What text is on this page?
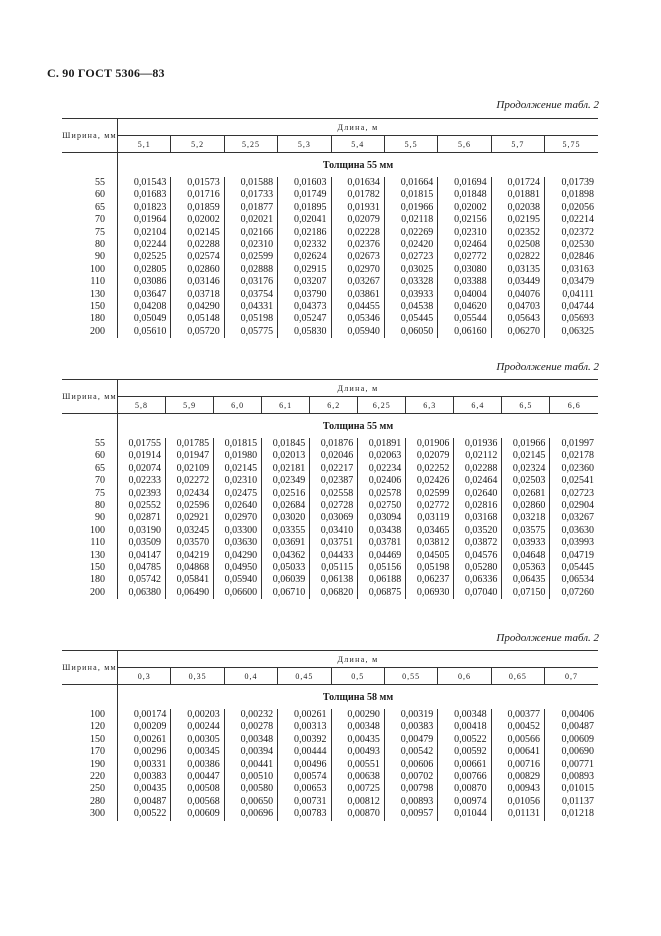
С. 90 ГОСТ 5306—83
Продолжение табл. 2
Ширина, мм	Длина, м								
	5,1	5,2	5,25	5,3	5,4	5,5	5,6	5,7	5,75
	Толщина 55 мм								
55	0,01543	0,01573	0,01588	0,01603	0,01634	0,01664	0,01694	0,01724	0,01739
60	0,01683	0,01716	0,01733	0,01749	0,01782	0,01815	0,01848	0,01881	0,01898
65	0,01823	0,01859	0,01877	0,01895	0,01931	0,01966	0,02002	0,02038	0,02056
70	0,01964	0,02002	0,02021	0,02041	0,02079	0,02118	0,02156	0,02195	0,02214
75	0,02104	0,02145	0,02166	0,02186	0,02228	0,02269	0,02310	0,02352	0,02372
80	0,02244	0,02288	0,02310	0,02332	0,02376	0,02420	0,02464	0,02508	0,02530
90	0,02525	0,02574	0,02599	0,02624	0,02673	0,02723	0,02772	0,02822	0,02846
100	0,02805	0,02860	0,02888	0,02915	0,02970	0,03025	0,03080	0,03135	0,03163
110	0,03086	0,03146	0,03176	0,03207	0,03267	0,03328	0,03388	0,03449	0,03479
130	0,03647	0,03718	0,03754	0,03790	0,03861	0,03933	0,04004	0,04076	0,04111
150	0,04208	0,04290	0,04331	0,04373	0,04455	0,04538	0,04620	0,04703	0,04744
180	0,05049	0,05148	0,05198	0,05247	0,05346	0,05445	0,05544	0,05643	0,05693
200	0,05610	0,05720	0,05775	0,05830	0,05940	0,06050	0,06160	0,06270	0,06325
Продолжение табл. 2
Ширина, мм	Длина, м									
	5,8	5,9	6,0	6,1	6,2	6,25	6,3	6,4	6,5	6,6
	Толщина 55 мм									
55	0,01755	0,01785	0,01815	0,01845	0,01876	0,01891	0,01906	0,01936	0,01966	0,01997
60	0,01914	0,01947	0,01980	0,02013	0,02046	0,02063	0,02079	0,02112	0,02145	0,02178
65	0,02074	0,02109	0,02145	0,02181	0,02217	0,02234	0,02252	0,02288	0,02324	0,02360
70	0,02233	0,02272	0,02310	0,02349	0,02387	0,02406	0,02426	0,02464	0,02503	0,02541
75	0,02393	0,02434	0,02475	0,02516	0,02558	0,02578	0,02599	0,02640	0,02681	0,02723
80	0,02552	0,02596	0,02640	0,02684	0,02728	0,02750	0,02772	0,02816	0,02860	0,02904
90	0,02871	0,02921	0,02970	0,03020	0,03069	0,03094	0,03119	0,03168	0,03218	0,03267
100	0,03190	0,03245	0,03300	0,03355	0,03410	0,03438	0,03465	0,03520	0,03575	0,03630
110	0,03509	0,03570	0,03630	0,03691	0,03751	0,03781	0,03812	0,03872	0,03933	0,03993
130	0,04147	0,04219	0,04290	0,04362	0,04433	0,04469	0,04505	0,04576	0,04648	0,04719
150	0,04785	0,04868	0,04950	0,05033	0,05115	0,05156	0,05198	0,05280	0,05363	0,05445
180	0,05742	0,05841	0,05940	0,06039	0,06138	0,06188	0,06237	0,06336	0,06435	0,06534
200	0,06380	0,06490	0,06600	0,06710	0,06820	0,06875	0,06930	0,07040	0,07150	0,07260
Продолжение табл. 2
Ширина, мм	Длина, м								
	0,3	0,35	0,4	0,45	0,5	0,55	0,6	0,65	0,7
	Толщина 58 мм								
100	0,00174	0,00203	0,00232	0,00261	0,00290	0,00319	0,00348	0,00377	0,00406
120	0,00209	0,00244	0,00278	0,00313	0,00348	0,00383	0,00418	0,00452	0,00487
150	0,00261	0,00305	0,00348	0,00392	0,00435	0,00479	0,00522	0,00566	0,00609
170	0,00296	0,00345	0,00394	0,00444	0,00493	0,00542	0,00592	0,00641	0,00690
190	0,00331	0,00386	0,00441	0,00496	0,00551	0,00606	0,00661	0,00716	0,00771
220	0,00383	0,00447	0,00510	0,00574	0,00638	0,00702	0,00766	0,00829	0,00893
250	0,00435	0,00508	0,00580	0,00653	0,00725	0,00798	0,00870	0,00943	0,01015
280	0,00487	0,00568	0,00650	0,00731	0,00812	0,00893	0,00974	0,01056	0,01137
300	0,00522	0,00609	0,00696	0,00783	0,00870	0,00957	0,01044	0,01131	0,01218
